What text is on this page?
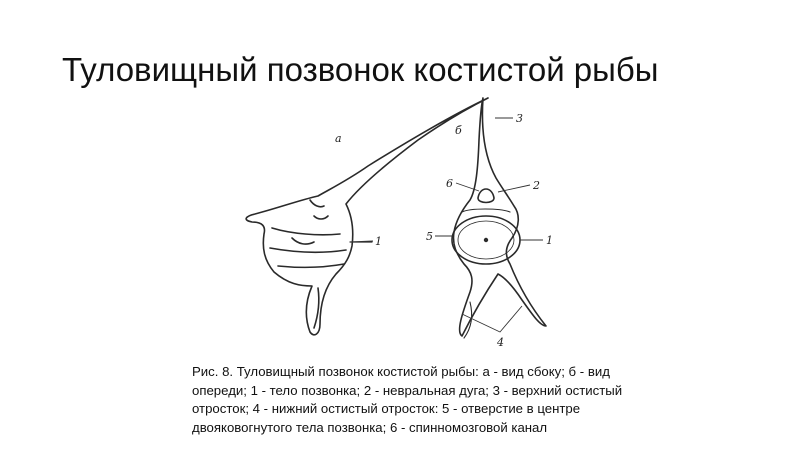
Туловищный позвонок костистой рыбы
а
б
1	1
2
3
4
5
6
Рис. 8. Туловищный позвонок костистой рыбы: а - вид сбоку; б - вид
опереди; 1 - тело позвонка; 2 - невральная дуга; 3 - верхний остистый
отросток; 4 - нижний остистый отросток: 5 - отверстие в центре
двояковогнутого тела позвонка; 6 - спинномозговой канал
